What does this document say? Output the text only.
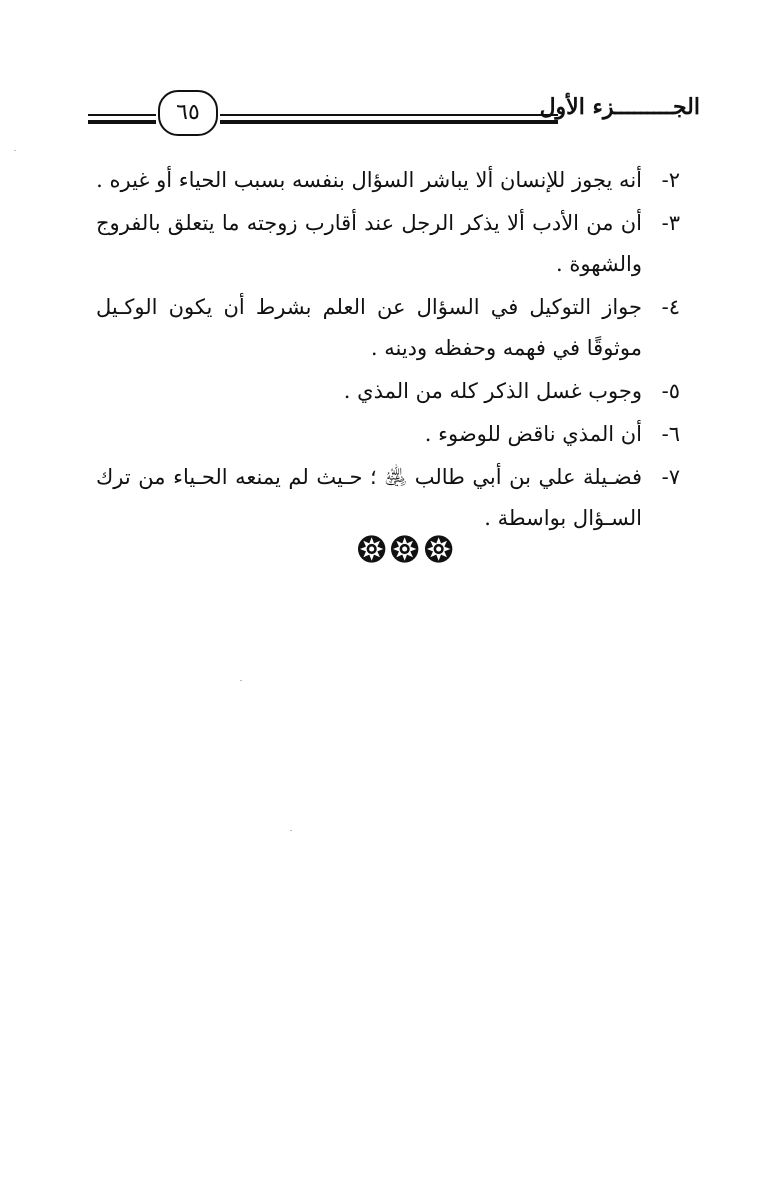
٦٥	الجـــــــــزء الأول
٢-
أنه يجوز للإنسان ألا يباشر السؤال بنفسه بسبب الحياء أو غيره .
٣-
أن من الأدب ألا يذكر الرجل عند أقارب زوجته ما يتعلق بالفروج والشهوة .
٤-
جواز التوكيل في السؤال عن العلم بشرط أن يكون الوكـيل موثوقًا في فهمه وحفظه ودينه .
٥-
وجوب غسل الذكر كله من المذي .
٦-
أن المذي ناقض للوضوء .
٧-
فضـيلة علي بن أبي طالب ﵁ ؛ حـيث لم يمنعه الحـياء من ترك السـؤال بواسطة .
